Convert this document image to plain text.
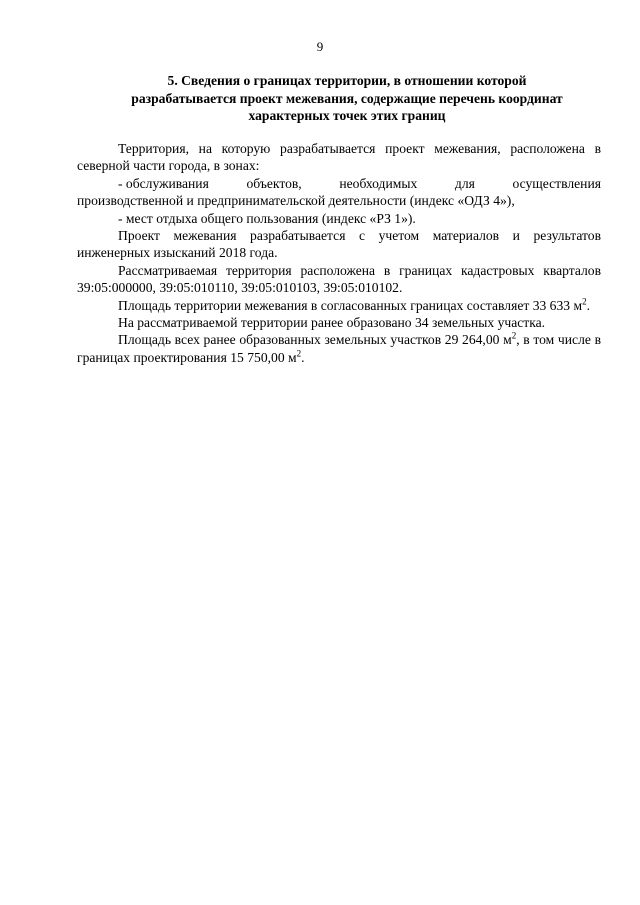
9
5. Сведения о границах территории, в отношении которой
разрабатывается проект межевания, содержащие перечень координат
характерных точек этих границ

Территория, на которую разрабатывается проект межевания, расположена в северной части города, в зонах:

- обслуживания	объектов,	необходимых	для	осуществления
производственной и предпринимательской деятельности (индекс «ОДЗ 4»),

- мест отдыха общего пользования (индекс «РЗ 1»).

Проект межевания разрабатывается с учетом материалов и результатов инженерных изысканий 2018 года.

Рассматриваемая территория расположена в границах кадастровых кварталов 39:05:000000, 39:05:010110, 39:05:010103, 39:05:010102.

Площадь территории межевания в согласованных границах составляет 33 633 $м^2$.

На рассматриваемой территории ранее образовано 34 земельных участка.

Площадь всех ранее образованных земельных участков 29 264,00 $м^2$, в том числе в границах проектирования 15 750,00 $м^2$.
